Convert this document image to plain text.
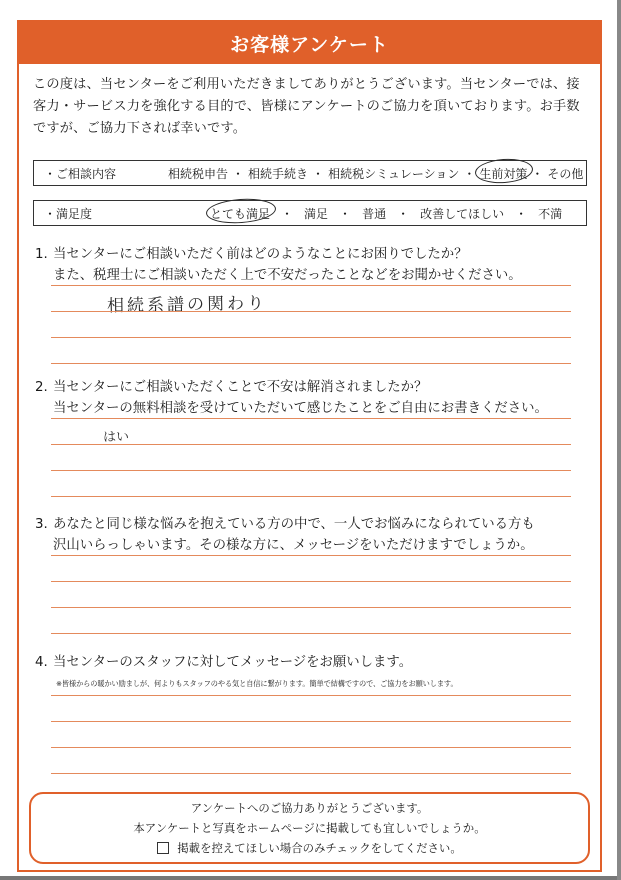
お客様アンケート
この度は、当センターをご利用いただきましてありがとうございます。当センターでは、接客力・サービス力を強化する目的で、皆様にアンケートのご協力を頂いております。お手数ですが、ご協力下されば幸いです。
・ご相談内容	相続税申告 ・ 相続手続き ・ 相続税シミュレーション ・ 生前対策 ・ その他
・満足度	とても満足 ・ 満足 ・ 普通 ・ 改善してほしい ・ 不満
1. 当センターにご相談いただく前はどのようなことにお困りでしたか？
また、税理士にご相談いただく上で不安だったことなどをお聞かせください。
相続系譜の関わり
2. 当センターにご相談いただくことで不安は解消されましたか？
当センターの無料相談を受けていただいて感じたことをご自由にお書きください。
はい
3. あなたと同じ様な悩みを抱えている方の中で、一人でお悩みになられている方も
沢山いらっしゃいます。その様な方に、メッセージをいただけますでしょうか。
4. 当センターのスタッフに対してメッセージをお願いします。
※皆様からの暖かい励ましが、何よりもスタッフのやる気と自信に繋がります。簡単で結構ですので、ご協力をお願いします。
アンケートへのご協力ありがとうございます。
本アンケートと写真をホームページに掲載しても宜しいでしょうか。
掲載を控えてほしい場合のみチェックをしてください。
